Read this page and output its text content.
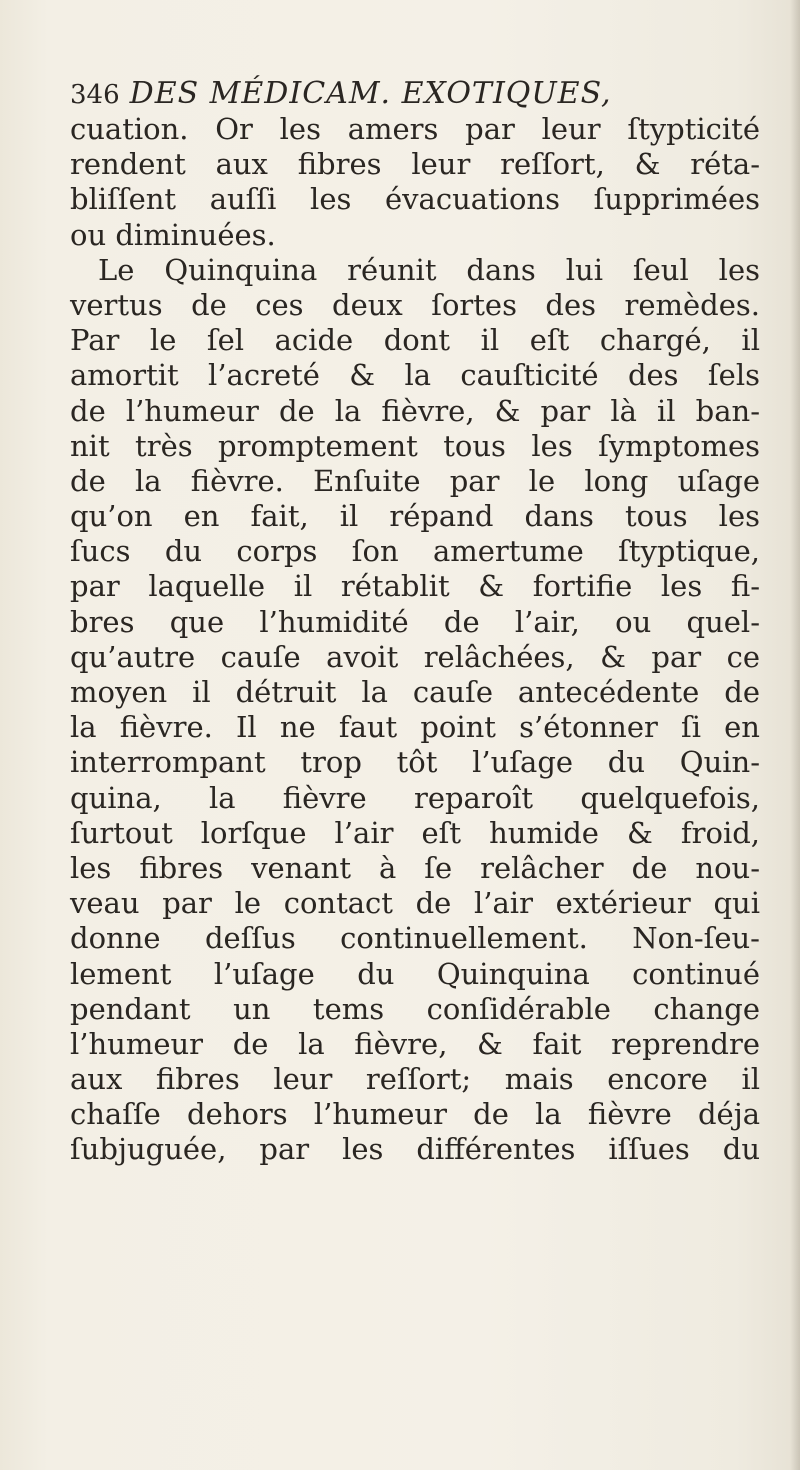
346 DES MÉDICAM. EXOTIQUES,
cuation. Or les amers par leur ſtypticité
rendent aux fibres leur reſſort, & réta-
bliſſent auſſi les évacuations ſupprimées
ou diminuées.
Le Quinquina réunit dans lui ſeul les
vertus de ces deux ſortes des remèdes.
Par le ſel acide dont il eſt chargé, il
amortit l’acreté & la cauſticité des ſels
de l’humeur de la fièvre, & par là il ban-
nit très promptement tous les ſymptomes
de la fièvre. Enſuite par le long uſage
qu’on en fait, il répand dans tous les
ſucs du corps ſon amertume ſtyptique,
par laquelle il rétablit & fortifie les fi-
bres que l’humidité de l’air, ou quel-
qu’autre cauſe avoit relâchées, & par ce
moyen il détruit la cauſe antecédente de
la fièvre. Il ne faut point s’étonner ſi en
interrompant trop tôt l’uſage du Quin-
quina, la fièvre reparoît quelquefois,
ſurtout lorſque l’air eſt humide & froid,
les fibres venant à ſe relâcher de nou-
veau par le contact de l’air extérieur qui
donne deſſus continuellement. Non-ſeu-
lement l’uſage du Quinquina continué
pendant un tems conſidérable change
l’humeur de la fièvre, & fait reprendre
aux fibres leur reſſort; mais encore il
chaſſe dehors l’humeur de la fièvre déja
ſubjuguée, par les différentes iſſues du
